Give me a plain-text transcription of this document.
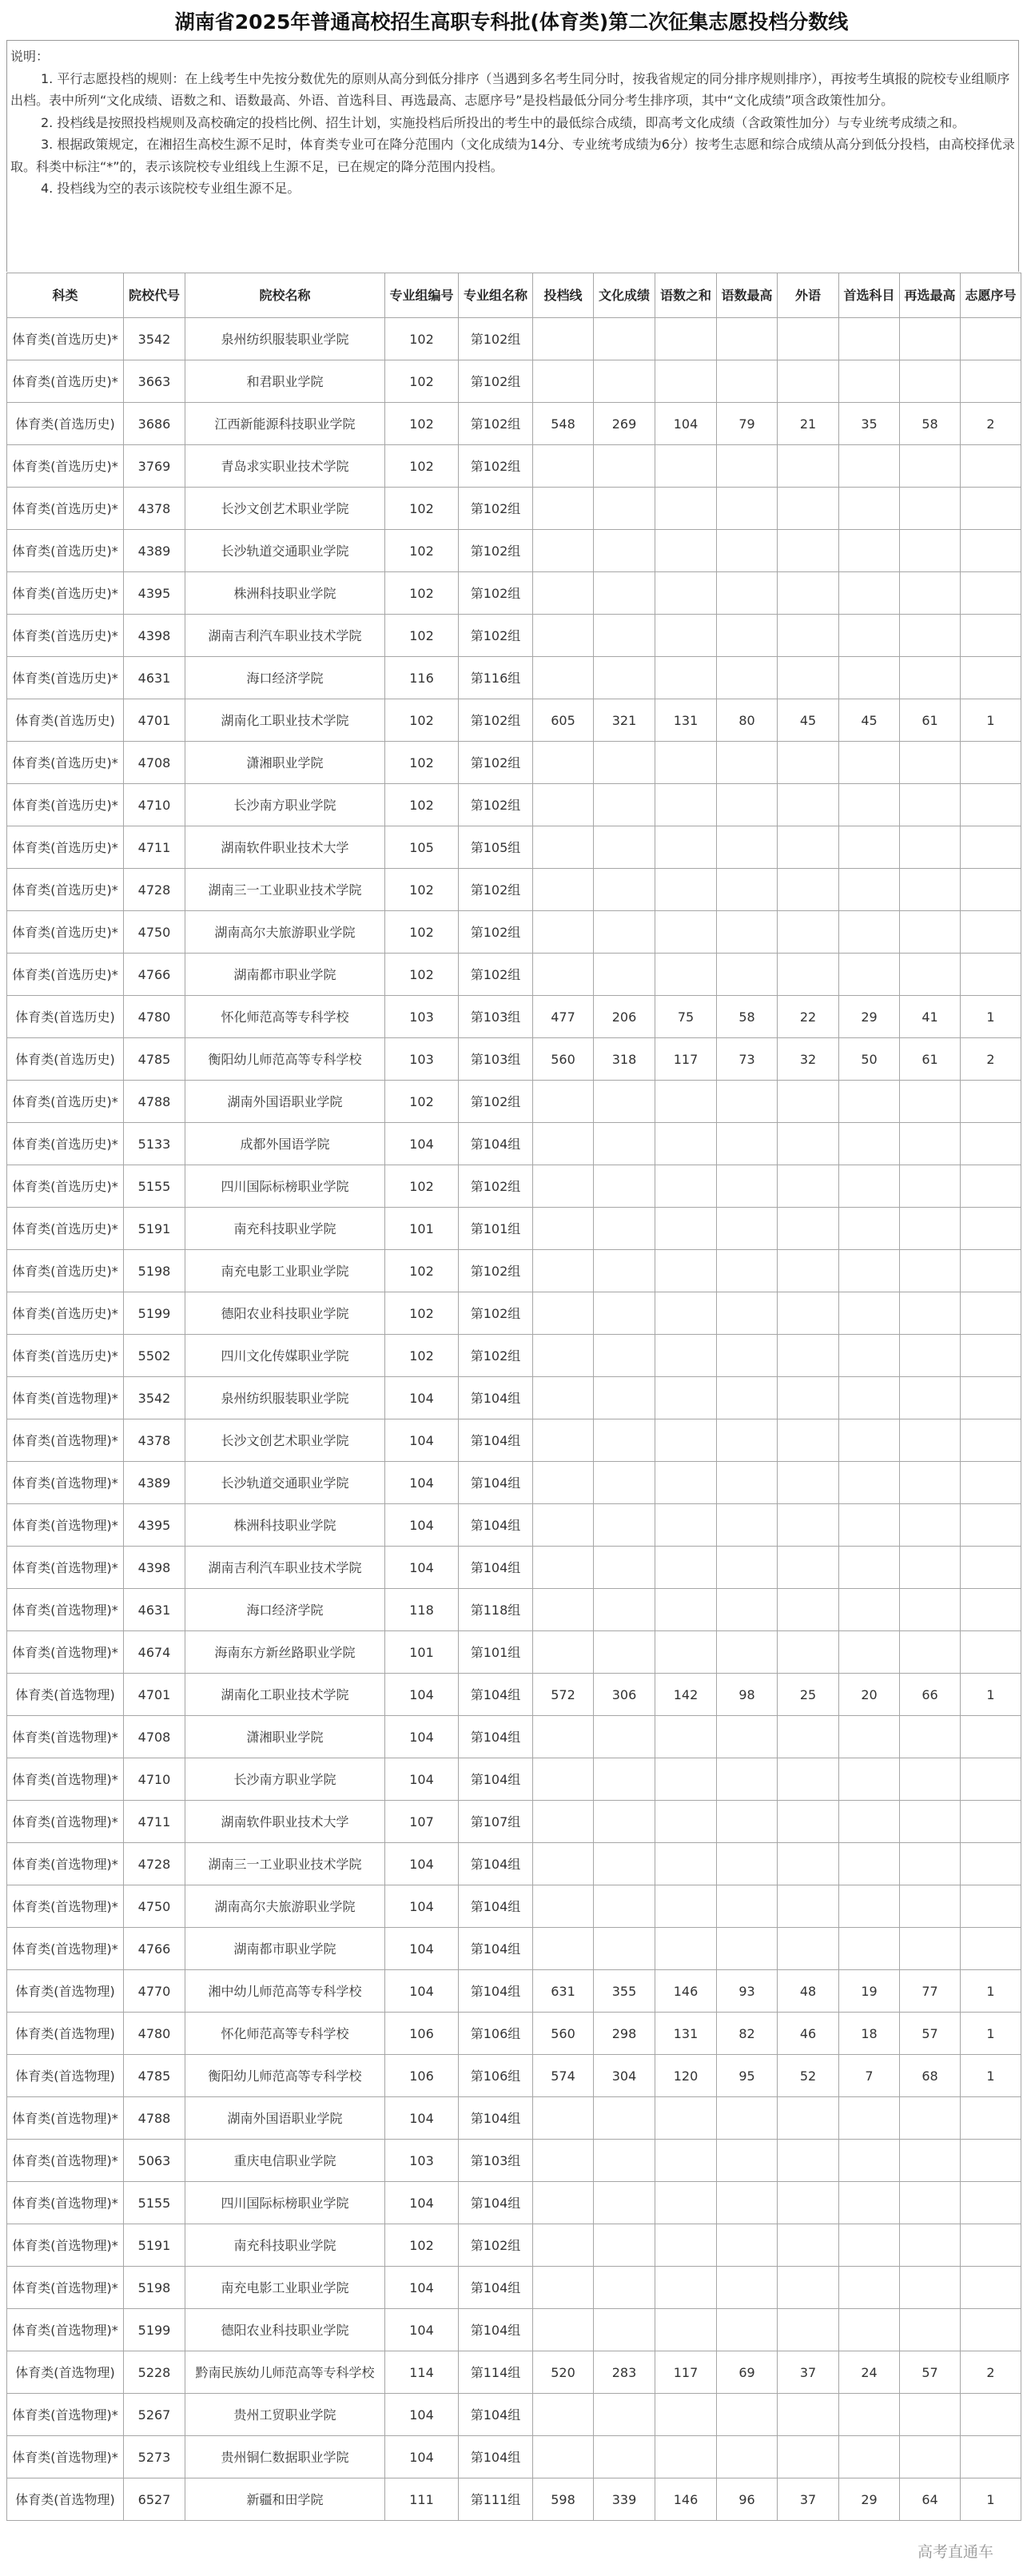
湖南省2025年普通高校招生高职专科批(体育类)第二次征集志愿投档分数线

说明：

1. 平行志愿投档的规则：在上线考生中先按分数优先的原则从高分到低分排序（当遇到多名考生同分时，按我省规定的同分排序规则排序），再按考生填报的院校专业组顺序出档。表中所列“文化成绩、语数之和、语数最高、外语、首选科目、再选最高、志愿序号”是投档最低分同分考生排序项，其中“文化成绩”项含政策性加分。

2. 投档线是按照投档规则及高校确定的投档比例、招生计划，实施投档后所投出的考生中的最低综合成绩，即高考文化成绩（含政策性加分）与专业统考成绩之和。

3. 根据政策规定，在湘招生高校生源不足时，体育类专业可在降分范围内（文化成绩为14分、专业统考成绩为6分）按考生志愿和综合成绩从高分到低分投档，由高校择优录取。科类中标注“*”的，表示该院校专业组线上生源不足，已在规定的降分范围内投档。

4. 投档线为空的表示该院校专业组生源不足。

科类	院校代号	院校名称	专业组编号	专业组名称	投档线	文化成绩	语数之和	语数最高	外语	首选科目	再选最高	志愿序号
体育类(首选历史)*	3542	泉州纺织服装职业学院	102	第102组								
体育类(首选历史)*	3663	和君职业学院	102	第102组								
体育类(首选历史)	3686	江西新能源科技职业学院	102	第102组	548	269	104	79	21	35	58	2
体育类(首选历史)*	3769	青岛求实职业技术学院	102	第102组								
体育类(首选历史)*	4378	长沙文创艺术职业学院	102	第102组								
体育类(首选历史)*	4389	长沙轨道交通职业学院	102	第102组								
体育类(首选历史)*	4395	株洲科技职业学院	102	第102组								
体育类(首选历史)*	4398	湖南吉利汽车职业技术学院	102	第102组								
体育类(首选历史)*	4631	海口经济学院	116	第116组								
体育类(首选历史)	4701	湖南化工职业技术学院	102	第102组	605	321	131	80	45	45	61	1
体育类(首选历史)*	4708	潇湘职业学院	102	第102组								
体育类(首选历史)*	4710	长沙南方职业学院	102	第102组								
体育类(首选历史)*	4711	湖南软件职业技术大学	105	第105组								
体育类(首选历史)*	4728	湖南三一工业职业技术学院	102	第102组								
体育类(首选历史)*	4750	湖南高尔夫旅游职业学院	102	第102组								
体育类(首选历史)*	4766	湖南都市职业学院	102	第102组								
体育类(首选历史)	4780	怀化师范高等专科学校	103	第103组	477	206	75	58	22	29	41	1
体育类(首选历史)	4785	衡阳幼儿师范高等专科学校	103	第103组	560	318	117	73	32	50	61	2
体育类(首选历史)*	4788	湖南外国语职业学院	102	第102组								
体育类(首选历史)*	5133	成都外国语学院	104	第104组								
体育类(首选历史)*	5155	四川国际标榜职业学院	102	第102组								
体育类(首选历史)*	5191	南充科技职业学院	101	第101组								
体育类(首选历史)*	5198	南充电影工业职业学院	102	第102组								
体育类(首选历史)*	5199	德阳农业科技职业学院	102	第102组								
体育类(首选历史)*	5502	四川文化传媒职业学院	102	第102组								
体育类(首选物理)*	3542	泉州纺织服装职业学院	104	第104组								
体育类(首选物理)*	4378	长沙文创艺术职业学院	104	第104组								
体育类(首选物理)*	4389	长沙轨道交通职业学院	104	第104组								
体育类(首选物理)*	4395	株洲科技职业学院	104	第104组								
体育类(首选物理)*	4398	湖南吉利汽车职业技术学院	104	第104组								
体育类(首选物理)*	4631	海口经济学院	118	第118组								
体育类(首选物理)*	4674	海南东方新丝路职业学院	101	第101组								
体育类(首选物理)	4701	湖南化工职业技术学院	104	第104组	572	306	142	98	25	20	66	1
体育类(首选物理)*	4708	潇湘职业学院	104	第104组								
体育类(首选物理)*	4710	长沙南方职业学院	104	第104组								
体育类(首选物理)*	4711	湖南软件职业技术大学	107	第107组								
体育类(首选物理)*	4728	湖南三一工业职业技术学院	104	第104组								
体育类(首选物理)*	4750	湖南高尔夫旅游职业学院	104	第104组								
体育类(首选物理)*	4766	湖南都市职业学院	104	第104组								
体育类(首选物理)	4770	湘中幼儿师范高等专科学校	104	第104组	631	355	146	93	48	19	77	1
体育类(首选物理)	4780	怀化师范高等专科学校	106	第106组	560	298	131	82	46	18	57	1
体育类(首选物理)	4785	衡阳幼儿师范高等专科学校	106	第106组	574	304	120	95	52	7	68	1
体育类(首选物理)*	4788	湖南外国语职业学院	104	第104组								
体育类(首选物理)*	5063	重庆电信职业学院	103	第103组								
体育类(首选物理)*	5155	四川国际标榜职业学院	104	第104组								
体育类(首选物理)*	5191	南充科技职业学院	102	第102组								
体育类(首选物理)*	5198	南充电影工业职业学院	104	第104组								
体育类(首选物理)*	5199	德阳农业科技职业学院	104	第104组								
体育类(首选物理)	5228	黔南民族幼儿师范高等专科学校	114	第114组	520	283	117	69	37	24	57	2
体育类(首选物理)*	5267	贵州工贸职业学院	104	第104组								
体育类(首选物理)*	5273	贵州铜仁数据职业学院	104	第104组								
体育类(首选物理)	6527	新疆和田学院	111	第111组	598	339	146	96	37	29	64	1
高考直通车
